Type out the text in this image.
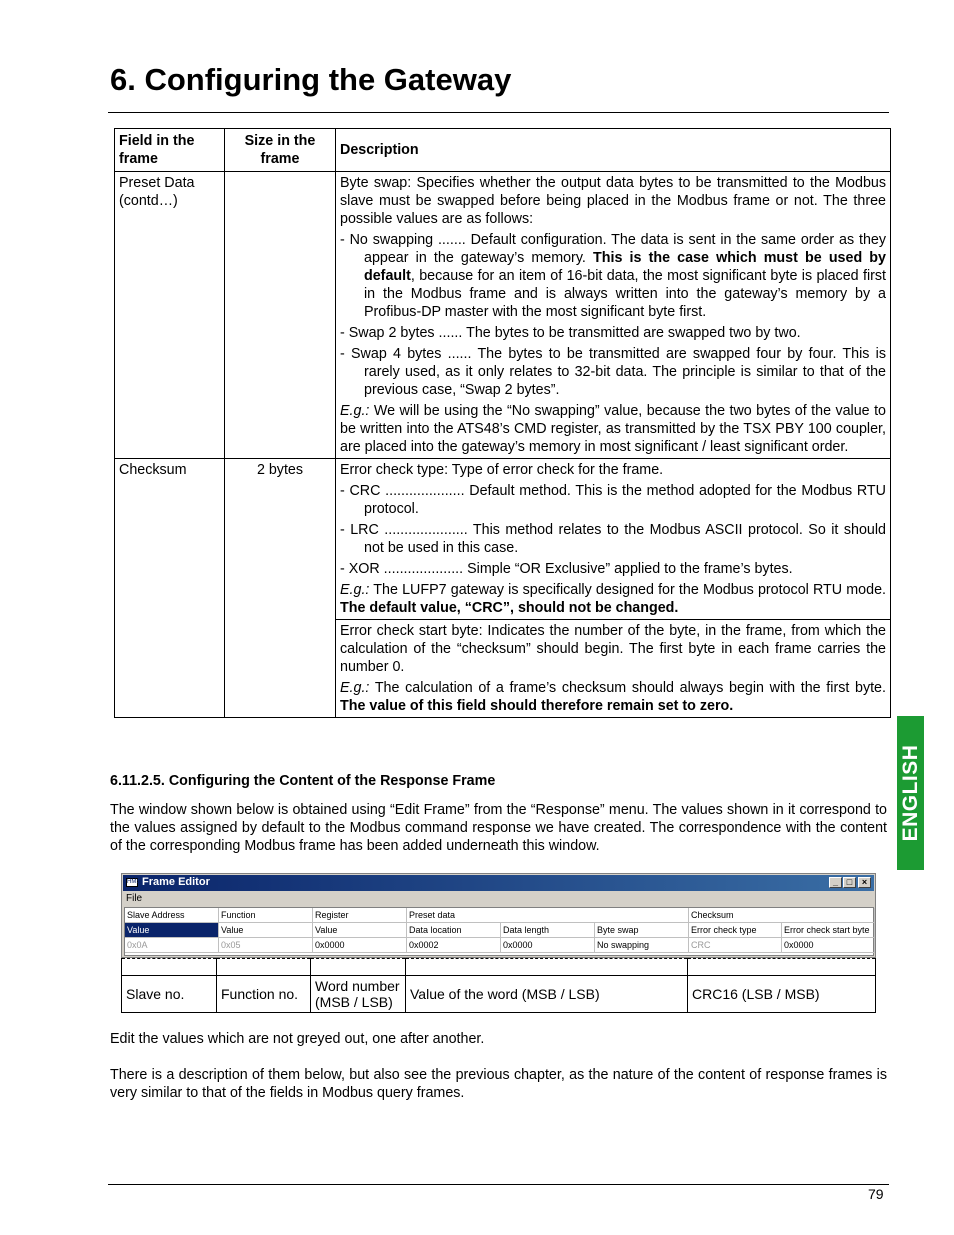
6. Configuring the Gateway
Field in the frame	Size in the frame	Description
Preset Data (contd…)		Byte swap: Specifies whether the output data bytes to be transmitted to the Modbus slave must be swapped before being placed in the Modbus frame or not. The three possible values are as follows:

- No swapping ....... Default configuration. The data is sent in the same order as they appear in the gateway’s memory. This is the case which must be used by default, because for an item of 16-bit data, the most significant byte is placed first in the Modbus frame and is always written into the gateway’s memory by a Profibus-DP master with the most significant byte first.

- Swap 2 bytes ...... The bytes to be transmitted are swapped two by two.

- Swap 4 bytes ...... The bytes to be transmitted are swapped four by four. This is rarely used, as it only relates to 32-bit data. The principle is similar to that of the previous case, “Swap 2 bytes”.

E.g.: We will be using the “No swapping” value, because the two bytes of the value to be written into the ATS48’s CMD register, as transmitted by the TSX PBY 100 coupler, are placed into the gateway’s memory in most significant / least significant order.

Checksum	2 bytes	Error check type: Type of error check for the frame.

- CRC .................... Default method. This is the method adopted for the Modbus RTU protocol.

- LRC ..................... This method relates to the Modbus ASCII protocol. So it should not be used in this case.

- XOR .................... Simple “OR Exclusive” applied to the frame’s bytes.

E.g.: The LUFP7 gateway is specifically designed for the Modbus protocol RTU mode. The default value, “CRC”, should not be changed.

		Error check start byte: Indicates the number of the byte, in the frame, from which the calculation of the “checksum” should begin. The first byte in each frame carries the number 0.

E.g.: The calculation of a frame’s checksum should always begin with the first byte. The value of this field should therefore remain set to zero.

ENGLISH
6.11.2.5. Configuring the Content of the Response Frame
The window shown below is obtained using “Edit Frame” from the “Response” menu. The values shown in it correspond to the values assigned by default to the Modbus command response we have created. The correspondence with the content of the corresponding Modbus frame has been added underneath this window.
HMS Frame Editor	_ □	×
File
Slave Address	Function	Register	Preset data	Checksum
Value	Value	Value	Data location	Data length	Byte swap	Error check type	Error check start byte
0x0A	0x05	0x0000	0x0002	0x0000	No swapping	CRC	0x0000

Slave no.	Function no.	Word number (MSB / LSB)	Value of the word (MSB / LSB)	CRC16 (LSB / MSB)
Edit the values which are not greyed out, one after another.
There is a description of them below, but also see the previous chapter, as the nature of the content of response frames is very similar to that of the fields in Modbus query frames.
79
